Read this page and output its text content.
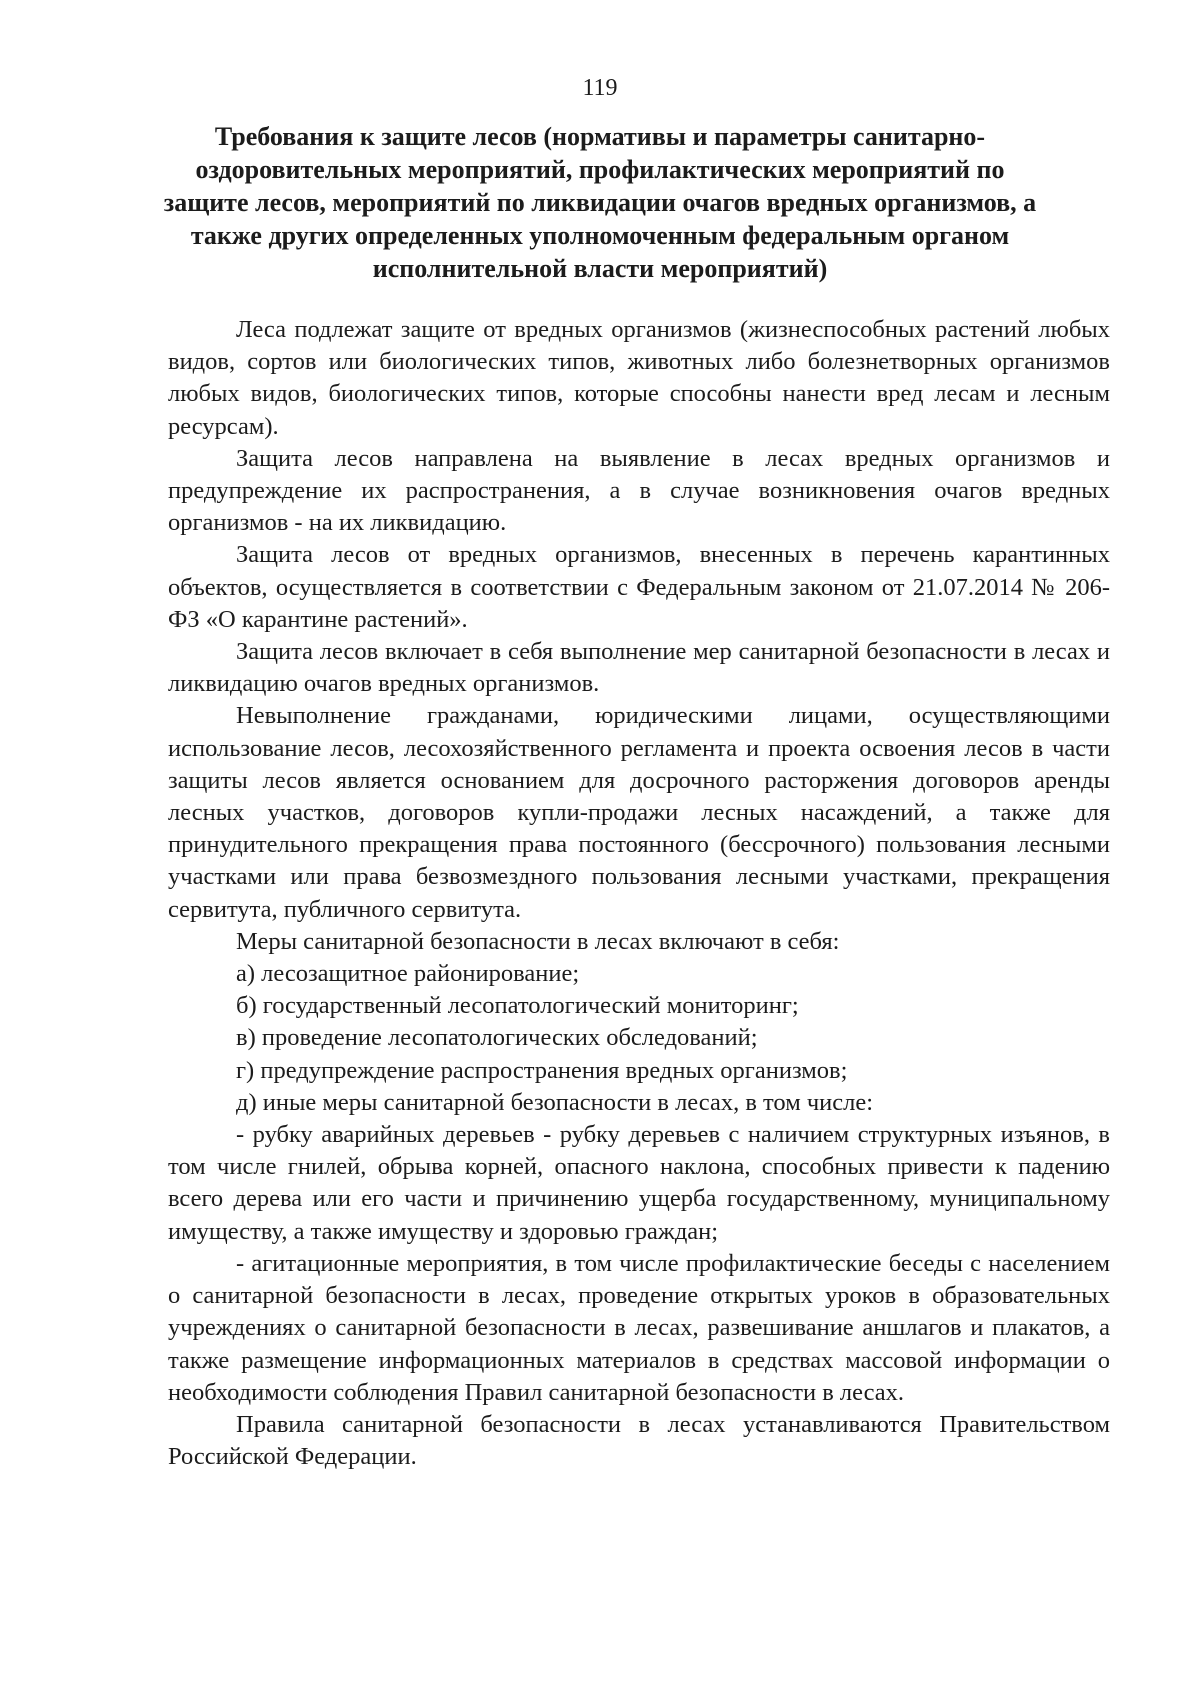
119
Требования к защите лесов (нормативы и параметры санитарно-оздоровительных мероприятий, профилактических мероприятий по защите лесов, мероприятий по ликвидации очагов вредных организмов, а также других определенных уполномоченным федеральным органом исполнительной власти мероприятий)

Леса подлежат защите от вредных организмов (жизнеспособных растений любых видов, сортов или биологических типов, животных либо болезнетворных организмов любых видов, биологических типов, которые способны нанести вред лесам и лесным ресурсам).

Защита лесов направлена на выявление в лесах вредных организмов и предупреждение их распространения, а в случае возникновения очагов вредных организмов - на их ликвидацию.

Защита лесов от вредных организмов, внесенных в перечень карантинных объектов, осуществляется в соответствии с Федеральным законом от 21.07.2014 № 206-ФЗ «О карантине растений».

Защита лесов включает в себя выполнение мер санитарной безопасности в лесах и ликвидацию очагов вредных организмов.

Невыполнение гражданами, юридическими лицами, осуществляющими использование лесов, лесохозяйственного регламента и проекта освоения лесов в части защиты лесов является основанием для досрочного расторжения договоров аренды лесных участков, договоров купли-продажи лесных насаждений, а также для принудительного прекращения права постоянного (бессрочного) пользования лесными участками или права безвозмездного пользования лесными участками, прекращения сервитута, публичного сервитута.

Меры санитарной безопасности в лесах включают в себя:

а) лесозащитное районирование;

б) государственный лесопатологический мониторинг;

в) проведение лесопатологических обследований;

г) предупреждение распространения вредных организмов;

д) иные меры санитарной безопасности в лесах, в том числе:

- рубку аварийных деревьев - рубку деревьев с наличием структурных изъянов, в том числе гнилей, обрыва корней, опасного наклона, способных привести к падению всего дерева или его части и причинению ущерба государственному, муниципальному имуществу, а также имуществу и здоровью граждан;

- агитационные мероприятия, в том числе профилактические беседы с населением о санитарной безопасности в лесах, проведение открытых уроков в образовательных учреждениях о санитарной безопасности в лесах, развешивание аншлагов и плакатов, а также размещение информационных материалов в средствах массовой информации о необходимости соблюдения Правил санитарной безопасности в лесах.

Правила санитарной безопасности в лесах устанавливаются Правительством Российской Федерации.
